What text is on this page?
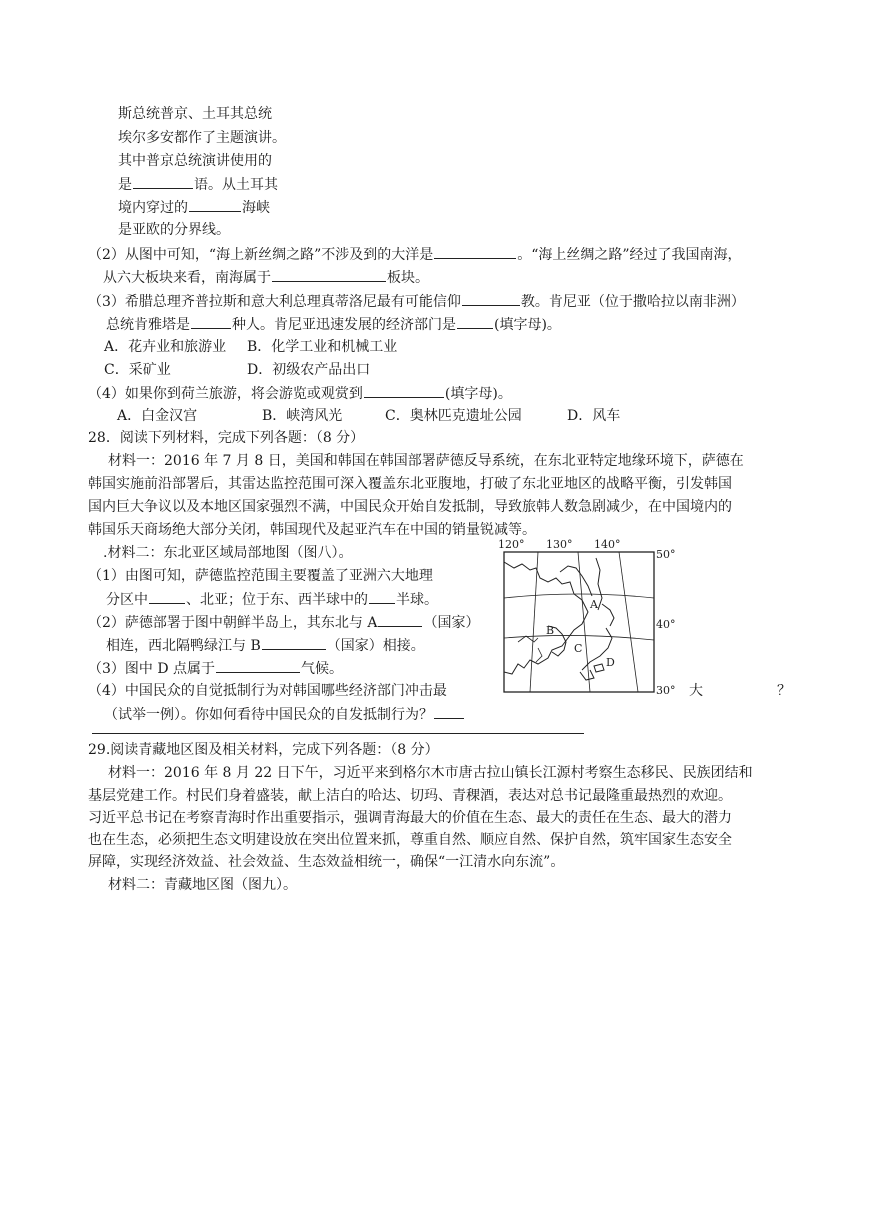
斯总统普京、土耳其总统
埃尔多安都作了主题演讲。
其中普京总统演讲使用的
是	语。从土耳其
境内穿过的	海峡
是亚欧的分界线。
（2）从图中可知，“海上新丝绸之路”不涉及到的大洋是	。“海上丝绸之路”经过了我国南海，
从六大板块来看，南海属于	板块。
（3）希腊总理齐普拉斯和意大利总理真蒂洛尼最有可能信仰	教。肯尼亚（位于撒哈拉以南非洲）
总统肯雅塔是	种人。肯尼亚迅速发展的经济部门是	(填字母)。
A．花卉业和旅游业 B．化学工业和机械工业
C．采矿业	D．初级农产品出口
（4）如果你到荷兰旅游，将会游览或观赏到	(填字母)。
A．白金汉宫	B．峡湾风光	C．奥林匹克遗址公园	D．风车
28．阅读下列材料，完成下列各题：（8 分）
材料一：2016 年 7 月 8 日，美国和韩国在韩国部署萨德反导系统，在东北亚特定地缘环境下，萨德在
韩国实施前沿部署后，其雷达监控范围可深入覆盖东北亚腹地，打破了东北亚地区的战略平衡，引发韩国
国内巨大争议以及本地区国家强烈不满，中国民众开始自发抵制，导致旅韩人数急剧减少，在中国境内的
韩国乐天商场绝大部分关闭，韩国现代及起亚汽车在中国的销量锐减等。
.材料二：东北亚区域局部地图（图八）。
（1）由图可知，萨德监控范围主要覆盖了亚洲六大地理
分区中	、北亚；位于东、西半球中的 半球。
（2）萨德部署于图中朝鲜半岛上，其东北与 A	（国家）
相连，西北隔鸭绿江与 B	（国家）相接。
（3）图中 D 点属于	气候。
（4）中国民众的自觉抵制行为对韩国哪些经济部门冲击最	大	？
（试举一例）。你如何看待中国民众的自发抵制行为？
120° 130° 140°
50°
40°
30°
A
B
C
D
29.阅读青藏地区图及相关材料，完成下列各题：（8 分）
材料一：2016 年 8 月 22 日下午，习近平来到格尔木市唐古拉山镇长江源村考察生态移民、民族团结和
基层党建工作。村民们身着盛装，献上洁白的哈达、切玛、青稞酒，表达对总书记最隆重最热烈的欢迎。
习近平总书记在考察青海时作出重要指示，强调青海最大的价值在生态、最大的责任在生态、最大的潜力
也在生态，必须把生态文明建设放在突出位置来抓，尊重自然、顺应自然、保护自然，筑牢国家生态安全
屏障，实现经济效益、社会效益、生态效益相统一，确保“一江清水向东流”。
材料二：青藏地区图（图九）。
